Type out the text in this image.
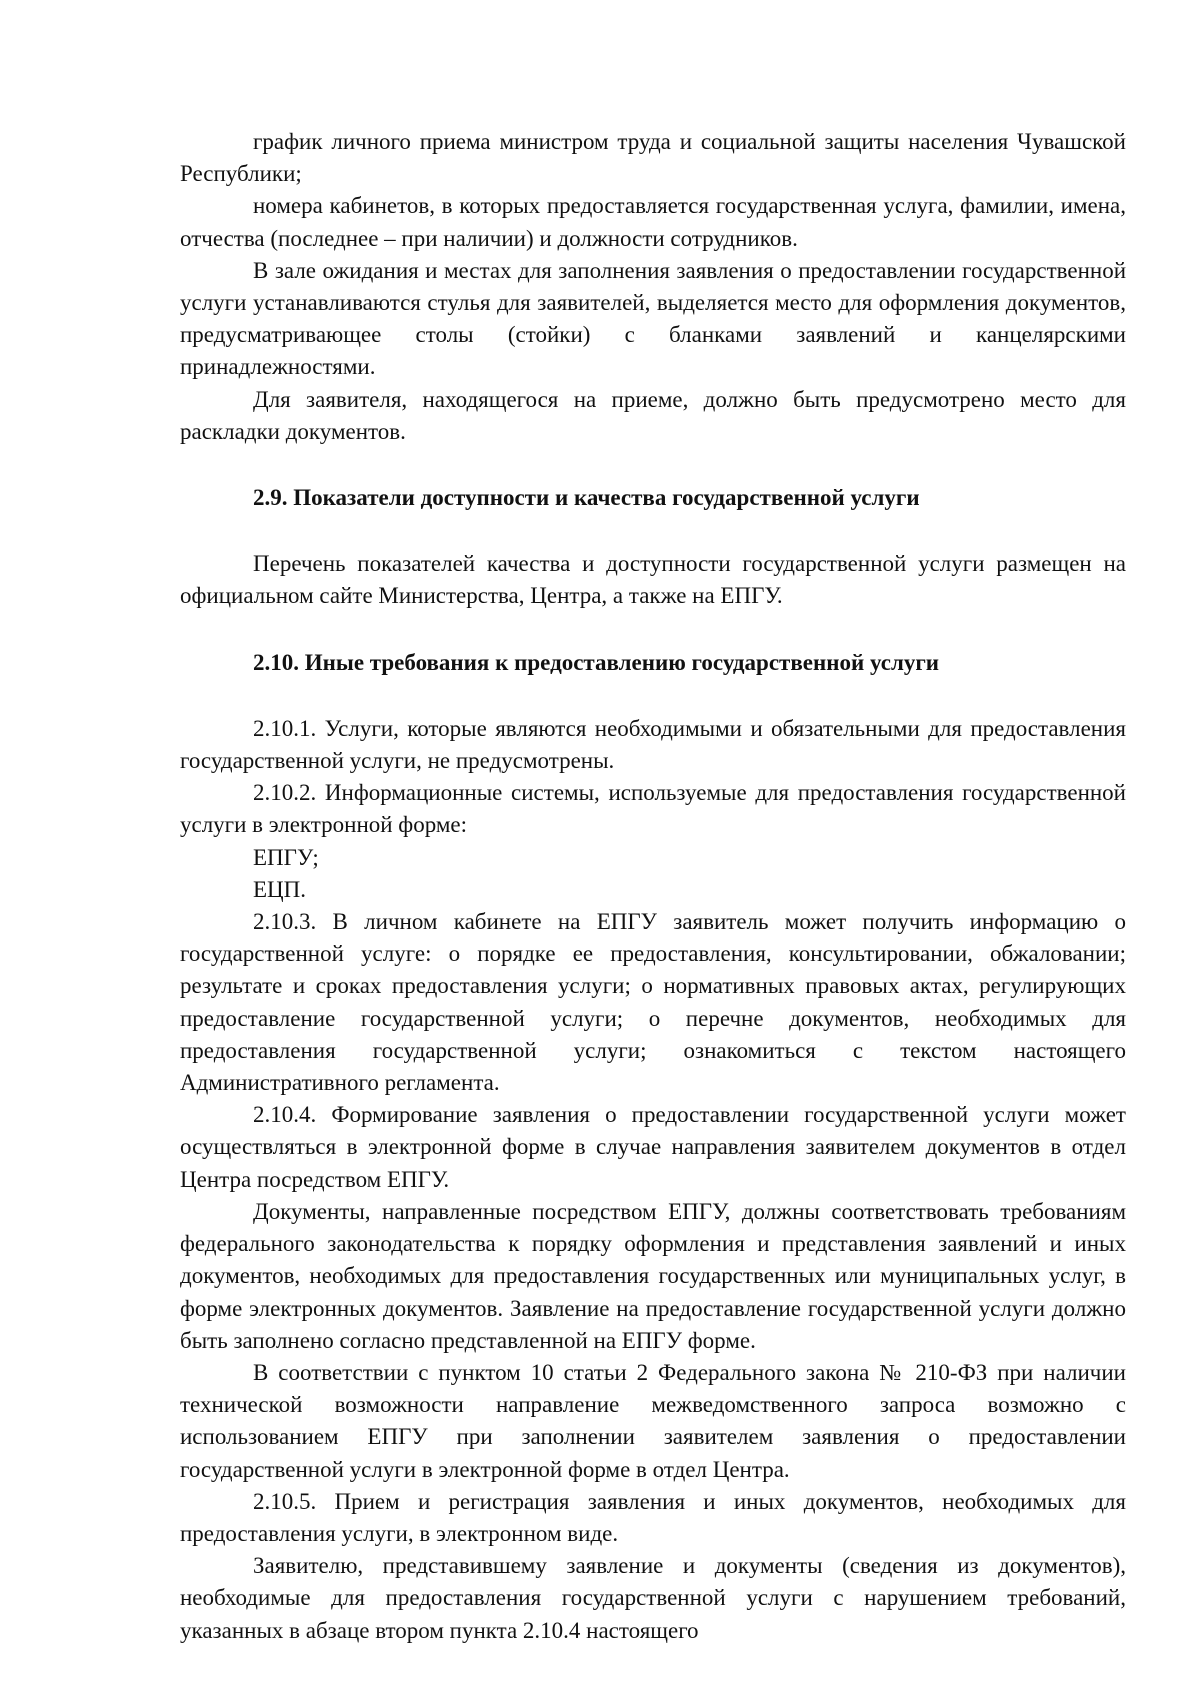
график личного приема министром труда и социальной защиты населения Чувашской Республики;

номера кабинетов, в которых предоставляется государственная услуга, фамилии, имена, отчества (последнее – при наличии) и должности сотрудников.

В зале ожидания и местах для заполнения заявления о предоставлении государственной услуги устанавливаются стулья для заявителей, выделяется место для оформления документов, предусматривающее столы (стойки) с бланками заявлений и канцелярскими принадлежностями.

Для заявителя, находящегося на приеме, должно быть предусмотрено место для раскладки документов.

2.9. Показатели доступности и качества государственной услуги

Перечень показателей качества и доступности государственной услуги размещен на официальном сайте Министерства, Центра, а также на ЕПГУ.

2.10. Иные требования к предоставлению государственной услуги

2.10.1. Услуги, которые являются необходимыми и обязательными для предоставления государственной услуги, не предусмотрены.

2.10.2. Информационные системы, используемые для предоставления государственной услуги в электронной форме:

ЕПГУ;

ЕЦП.

2.10.3. В личном кабинете на ЕПГУ заявитель может получить информацию о государственной услуге: о порядке ее предоставления, консультировании, обжаловании; результате и сроках предоставления услуги; о нормативных правовых актах, регулирующих предоставление государственной услуги; о перечне документов, необходимых для предоставления государственной услуги; ознакомиться с текстом настоящего Административного регламента.

2.10.4. Формирование заявления о предоставлении государственной услуги может осуществляться в электронной форме в случае направления заявителем документов в отдел Центра посредством ЕПГУ.

Документы, направленные посредством ЕПГУ, должны соответствовать требованиям федерального законодательства к порядку оформления и представления заявлений и иных документов, необходимых для предоставления государственных или муниципальных услуг, в форме электронных документов. Заявление на предоставление государственной услуги должно быть заполнено согласно представленной на ЕПГУ форме.

В соответствии с пунктом 10 статьи 2 Федерального закона № 210-ФЗ при наличии технической возможности направление межведомственного запроса возможно с использованием ЕПГУ при заполнении заявителем заявления о предоставлении государственной услуги в электронной форме в отдел Центра.

2.10.5. Прием и регистрация заявления и иных документов, необходимых для предоставления услуги, в электронном виде.

Заявителю, представившему заявление и документы (сведения из документов), необходимые для предоставления государственной услуги с нарушением требований, указанных в абзаце втором пункта 2.10.4 настоящего
